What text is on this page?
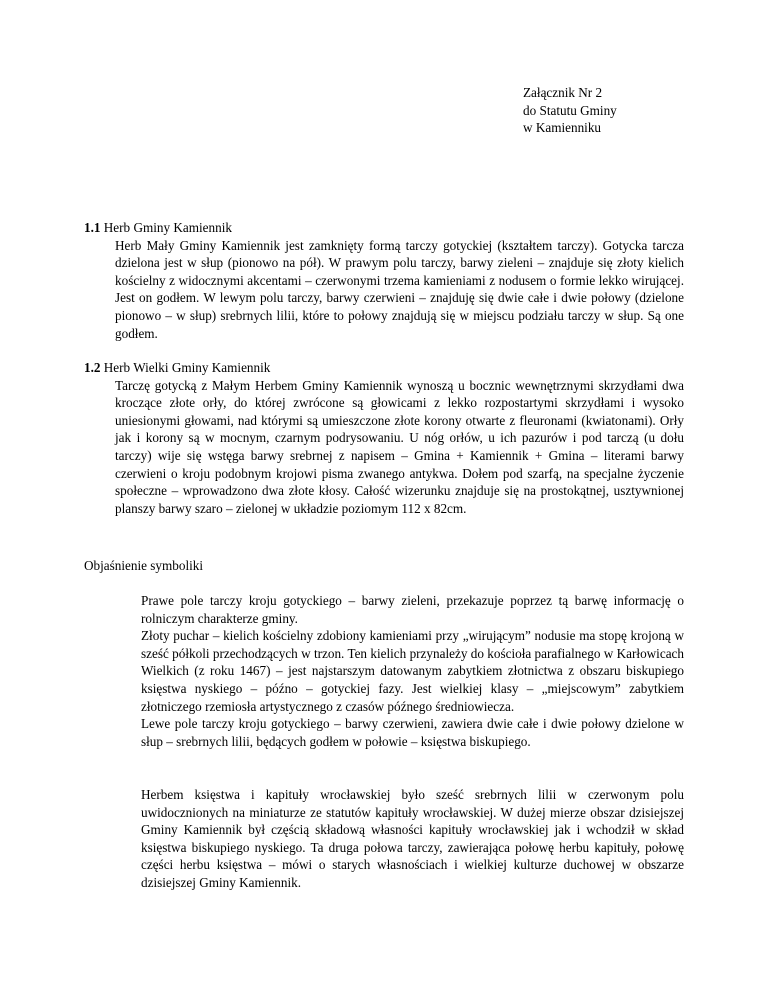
Załącznik Nr 2
do Statutu Gminy
w Kamienniku
1.1 Herb Gminy Kamiennik
Herb Mały Gminy Kamiennik jest zamknięty formą tarczy gotyckiej (kształtem tarczy). Gotycka tarcza dzielona jest w słup (pionowo na pół). W prawym polu tarczy, barwy zieleni – znajduje się złoty kielich kościelny z widocznymi akcentami – czerwonymi trzema kamieniami z nodusem o formie lekko wirującej. Jest on godłem. W lewym polu tarczy, barwy czerwieni – znajduję się dwie całe i dwie połowy (dzielone pionowo – w słup) srebrnych lilii, które to połowy znajdują się w miejscu podziału tarczy w słup. Są one godłem.
1.2 Herb Wielki Gminy Kamiennik
Tarczę gotycką z Małym Herbem Gminy Kamiennik wynoszą u bocznic wewnętrznymi skrzydłami dwa kroczące złote orły, do której zwrócone są głowicami z lekko rozpostartymi skrzydłami i wysoko uniesionymi głowami, nad którymi są umieszczone złote korony otwarte z fleuronami (kwiatonami). Orły jak i korony są w mocnym, czarnym podrysowaniu. U nóg orłów, u ich pazurów i pod tarczą (u dołu tarczy) wije się wstęga barwy srebrnej z napisem – Gmina + Kamiennik + Gmina – literami barwy czerwieni o kroju podobnym krojowi pisma zwanego antykwa. Dołem pod szarfą, na specjalne życzenie społeczne – wprowadzono dwa złote kłosy. Całość wizerunku znajduje się na prostokątnej, usztywnionej planszy barwy szaro – zielonej w układzie poziomym 112 x 82cm.
Objaśnienie symboliki

Prawe pole tarczy kroju gotyckiego – barwy zieleni, przekazuje poprzez tą barwę informację o rolniczym charakterze gminy.

Złoty puchar – kielich kościelny zdobiony kamieniami przy „wirującym” nodusie ma stopę krojoną w sześć półkoli przechodzących w trzon. Ten kielich przynależy do kościoła parafialnego w Karłowicach Wielkich (z roku 1467) – jest najstarszym datowanym zabytkiem złotnictwa z obszaru biskupiego księstwa nyskiego – późno – gotyckiej fazy. Jest wielkiej klasy – „miejscowym” zabytkiem złotniczego rzemiosła artystycznego z czasów późnego średniowiecza.

Lewe pole tarczy kroju gotyckiego – barwy czerwieni, zawiera dwie całe i dwie połowy dzielone w słup – srebrnych lilii, będących godłem w połowie – księstwa biskupiego.

Herbem księstwa i kapituły wrocławskiej było sześć srebrnych lilii w czerwonym polu uwidocznionych na miniaturze ze statutów kapituły wrocławskiej. W dużej mierze obszar dzisiejszej Gminy Kamiennik był częścią składową własności kapituły wrocławskiej jak i wchodził w skład księstwa biskupiego nyskiego. Ta druga połowa tarczy, zawierająca połowę herbu kapituły, połowę części herbu księstwa – mówi o starych własnościach i wielkiej kulturze duchowej w obszarze dzisiejszej Gminy Kamiennik.
